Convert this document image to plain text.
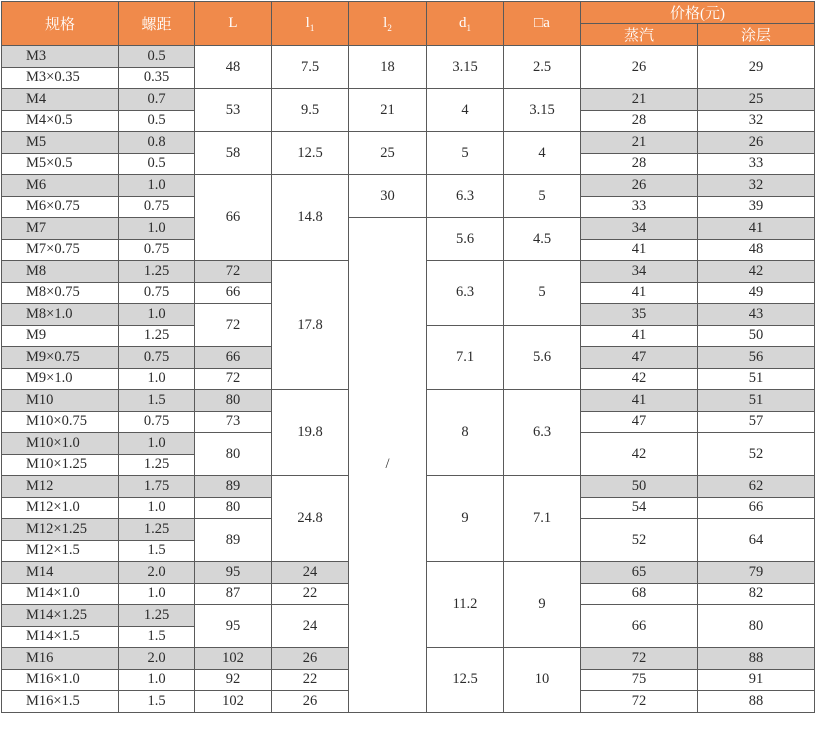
规格	螺距	L	$l_1$	$l_2$	$d_1$	□a	价格(元)	
							蒸汽	涂层
M3	0.5	48	7.5	18	3.15	2.5	26	29
M3×0.35	0.35							
M4	0.7	53	9.5	21	4	3.15	21	25
M4×0.5	0.5						28	32
M5	0.8	58	12.5	25	5	4	21	26
M5×0.5	0.5						28	33
M6	1.0	66	14.8	30	6.3	5	26	32
M6×0.75	0.75						33	39
M7	1.0			/	5.6	4.5	34	41
M7×0.75	0.75						41	48
M8	1.25	72	17.8		6.3	5	34	42
M8×0.75	0.75	66					41	49
M8×1.0	1.0	72					35	43
M9	1.25				7.1	5.6	41	50
M9×0.75	0.75	66					47	56
M9×1.0	1.0	72					42	51
M10	1.5	80	19.8		8	6.3	41	51
M10×0.75	0.75	73					47	57
M10×1.0	1.0	80					42	52
M10×1.25	1.25							
M12	1.75	89	24.8		9	7.1	50	62
M12×1.0	1.0	80					54	66
M12×1.25	1.25	89					52	64
M12×1.5	1.5							
M14	2.0	95	24		11.2	9	65	79
M14×1.0	1.0	87	22				68	82
M14×1.25	1.25	95	24				66	80
M14×1.5	1.5							
M16	2.0	102	26		12.5	10	72	88
M16×1.0	1.0	92	22				75	91
M16×1.5	1.5	102	26				72	88
